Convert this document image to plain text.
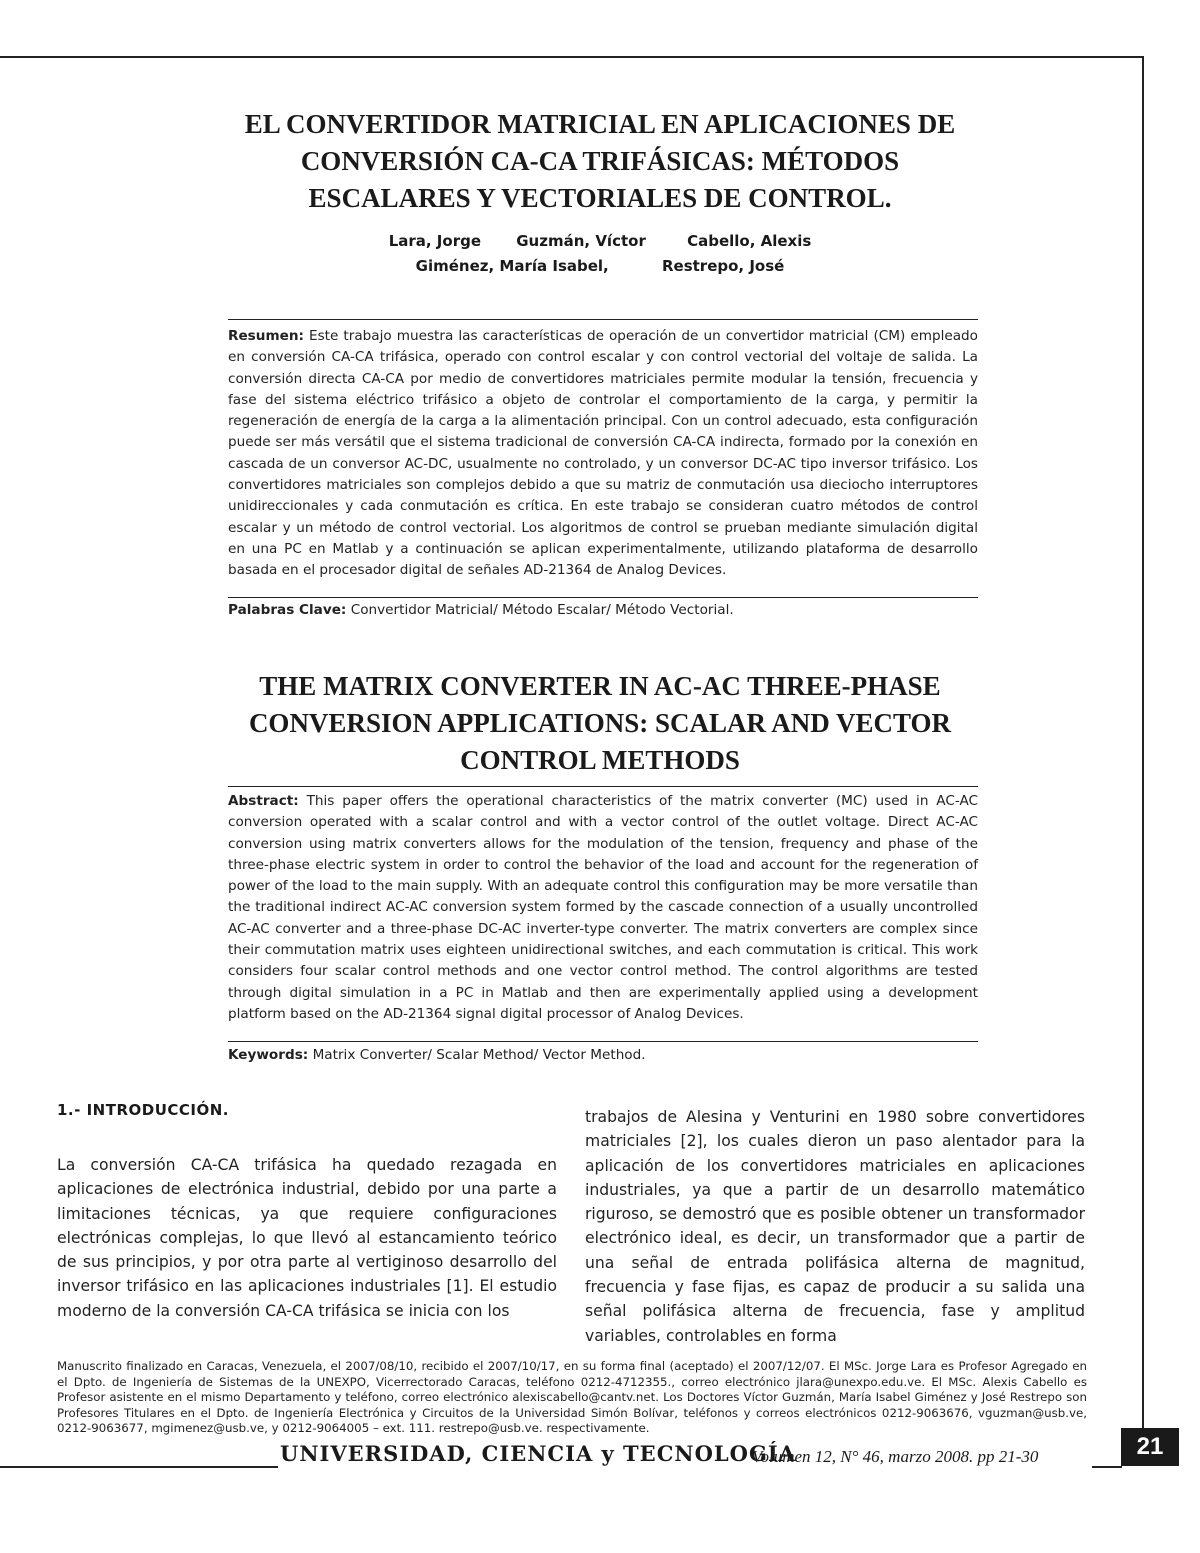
EL CONVERTIDOR MATRICIAL EN APLICACIONES DE CONVERSIÓN CA-CA TRIFÁSICAS: MÉTODOS ESCALARES Y VECTORIALES DE CONTROL.
Lara, Jorge Guzmán, Víctor	Cabello, Alexis
Giménez, María Isabel,	Restrepo, José
Resumen: Este trabajo muestra las características de operación de un convertidor matricial (CM) empleado en conversión CA-CA trifásica, operado con control escalar y con control vectorial del voltaje de salida. La conversión directa CA-CA por medio de convertidores matriciales permite modular la tensión, frecuencia y fase del sistema eléctrico trifásico a objeto de controlar el comportamiento de la carga, y permitir la regeneración de energía de la carga a la alimentación principal. Con un control adecuado, esta configuración puede ser más versátil que el sistema tradicional de conversión CA-CA indirecta, formado por la conexión en cascada de un conversor AC-DC, usualmente no controlado, y un conversor DC-AC tipo inversor trifásico. Los convertidores matriciales son complejos debido a que su matriz de conmutación usa dieciocho interruptores unidireccionales y cada conmutación es crítica. En este trabajo se consideran cuatro métodos de control escalar y un método de control vectorial. Los algoritmos de control se prueban mediante simulación digital en una PC en Matlab y a continuación se aplican experimentalmente, utilizando plataforma de desarrollo basada en el procesador digital de señales AD-21364 de Analog Devices.
Palabras Clave: Convertidor Matricial/ Método Escalar/ Método Vectorial.
THE MATRIX CONVERTER IN AC-AC THREE-PHASE CONVERSION APPLICATIONS: SCALAR AND VECTOR CONTROL METHODS
Abstract: This paper offers the operational characteristics of the matrix converter (MC) used in AC-AC conversion operated with a scalar control and with a vector control of the outlet voltage. Direct AC-AC conversion using matrix converters allows for the modulation of the tension, frequency and phase of the three-phase electric system in order to control the behavior of the load and account for the regeneration of power of the load to the main supply. With an adequate control this configuration may be more versatile than the traditional indirect AC-AC conversion system formed by the cascade connection of a usually uncontrolled AC-AC converter and a three-phase DC-AC inverter-type converter. The matrix converters are complex since their commutation matrix uses eighteen unidirectional switches, and each commutation is critical. This work considers four scalar control methods and one vector control method. The control algorithms are tested through digital simulation in a PC in Matlab and then are experimentally applied using a development platform based on the AD-21364 signal digital processor of Analog Devices.
Keywords: Matrix Converter/ Scalar Method/ Vector Method.
1.- INTRODUCCIÓN.
La conversión CA-CA trifásica ha quedado rezagada en aplicaciones de electrónica industrial, debido por una parte a limitaciones técnicas, ya que requiere configuraciones electrónicas complejas, lo que llevó al estancamiento teórico de sus principios, y por otra parte al vertiginoso desarrollo del inversor trifásico en las aplicaciones industriales [1]. El estudio moderno de la conversión CA-CA trifásica se inicia con los
trabajos de Alesina y Venturini en 1980 sobre convertidores matriciales [2], los cuales dieron un paso alentador para la aplicación de los convertidores matriciales en aplicaciones industriales, ya que a partir de un desarrollo matemático riguroso, se demostró que es posible obtener un transformador electrónico ideal, es decir, un transformador que a partir de una señal de entrada polifásica alterna de magnitud, frecuencia y fase fijas, es capaz de producir a su salida una señal polifásica alterna de frecuencia, fase y amplitud variables, controlables en forma
Manuscrito finalizado en Caracas, Venezuela, el 2007/08/10, recibido el 2007/10/17, en su forma final (aceptado) el 2007/12/07. El MSc. Jorge Lara es Profesor Agregado en el Dpto. de Ingeniería de Sistemas de la UNEXPO, Vicerrectorado Caracas, teléfono 0212-4712355., correo electrónico jlara@unexpo.edu.ve. El MSc. Alexis Cabello es Profesor asistente en el mismo Departamento y teléfono, correo electrónico alexiscabello@cantv.net. Los Doctores Víctor Guzmán, María Isabel Giménez y José Restrepo son Profesores Titulares en el Dpto. de Ingeniería Electrónica y Circuitos de la Universidad Simón Bolívar, teléfonos y correos electrónicos 0212-9063676, vguzman@usb.ve, 0212-9063677, mgimenez@usb.ve, y 0212-9064005 – ext. 111. restrepo@usb.ve. respectivamente.
UNIVERSIDAD, CIENCIA y TECNOLOGÍA
Volumen 12, N° 46, marzo 2008. pp 21-30	21
